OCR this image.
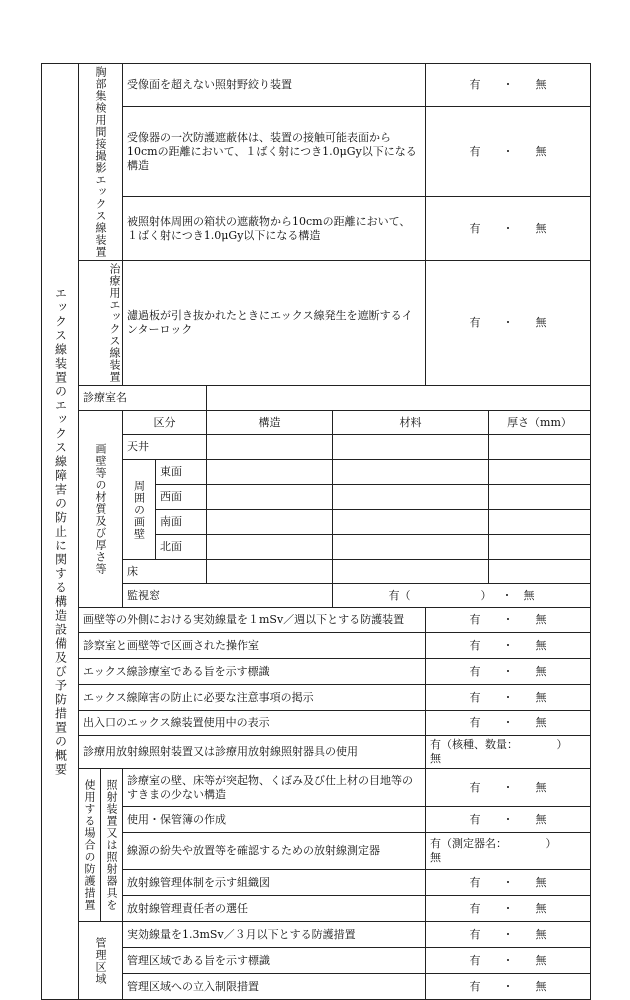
エックス線装置のエックス線障害の防止に関する構造設備及び予防措置の概要	胸部集検用間接撮影エックス線装置		受像面を超えない照射野絞り装置				有 ・ 無	
			受像器の一次防護遮蔽体は、装置の接触可能表面から10cmの距離において、１ばく射につき1.0μGy以下になる構造				有 ・ 無	
			被照射体周囲の箱状の遮蔽物から10cmの距離において、１ばく射につき1.0μGy以下になる構造				有 ・ 無	
	治療用エックス線装置		濾過板が引き抜かれたときにエックス線発生を遮断するインターロック				有 ・ 無	
	診療室名							
	画壁等の材質及び厚さ等		区分		構造	材料		厚さ（mm）
			天井					
			周囲の画壁	東面				
				西面				
				南面				
				北面				
			床					
			監視窓			有（ ） ・　無		
	画壁等の外側における実効線量を１mSv／週以下とする防護装置						有 ・ 無	
	診察室と画壁等で区画された操作室						有 ・ 無	
	エックス線診療室である旨を示す標識						有 ・ 無	
	エックス線障害の防止に必要な注意事項の掲示						有 ・ 無	
	出入口のエックス線装置使用中の表示						有 ・ 無	
	診療用放射線照射装置又は診療用放射線照射器具の使用						有（核種、数量：　　　　）
無	

	使用する場合の防護措置	照射装置又は照射器具を	診療室の壁、床等が突起物、くぼみ及び仕上材の目地等のすきまの少ない構造				有 ・ 無	
			使用・保管簿の作成				有 ・ 無	
			線源の紛失や放置等を確認するための放射線測定器				有（測定器名：　　　　）
無	

			放射線管理体制を示す組織図				有 ・ 無	
			放射線管理責任者の選任				有 ・ 無	
	管理区域		実効線量を1.3mSv／３月以下とする防護措置				有 ・ 無	
			管理区域である旨を示す標識				有 ・ 無	
			管理区域への立入制限措置				有 ・ 無	
